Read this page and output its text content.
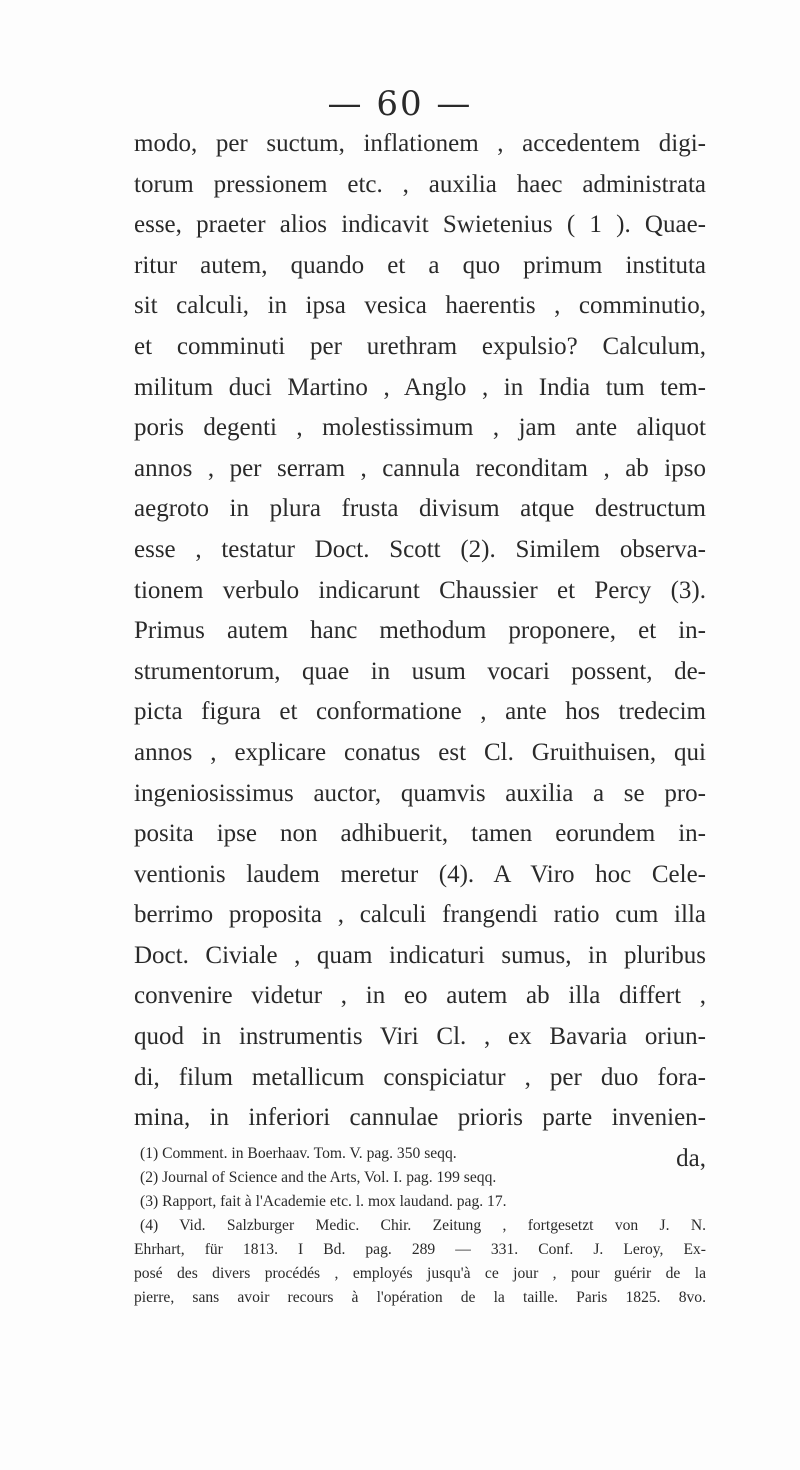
— 60 —
modo, per suctum, inflationem , accedentem digi-
torum pressionem etc. , auxilia haec administrata
esse, praeter alios indicavit Swietenius ( 1 ). Quae-
ritur autem, quando et a quo primum instituta
sit calculi, in ipsa vesica haerentis , comminutio,
et comminuti per urethram expulsio? Calculum,
militum duci Martino , Anglo , in India tum tem-
poris degenti , molestissimum , jam ante aliquot
annos , per serram , cannula reconditam , ab ipso
aegroto in plura frusta divisum atque destructum
esse , testatur Doct. Scott (2). Similem observa-
tionem verbulo indicarunt Chaussier et Percy (3).
Primus autem hanc methodum proponere, et in-
strumentorum, quae in usum vocari possent, de-
picta figura et conformatione , ante hos tredecim
annos , explicare conatus est Cl. Gruithuisen, qui
ingeniosissimus auctor, quamvis auxilia a se pro-
posita ipse non adhibuerit, tamen eorundem in-
ventionis laudem meretur (4). A Viro hoc Cele-
berrimo proposita , calculi frangendi ratio cum illa
Doct. Civiale , quam indicaturi sumus, in pluribus
convenire videtur , in eo autem ab illa differt ,
quod in instrumentis Viri Cl. , ex Bavaria oriun-
di, filum metallicum conspiciatur , per duo fora-
mina, in inferiori cannulae prioris parte invenien-
da,
(1) Comment. in Boerhaav. Tom. V. pag. 350 seqq.
(2) Journal of Science and the Arts, Vol. I. pag. 199 seqq.
(3) Rapport, fait à l'Academie etc. l. mox laudand. pag. 17.
(4) Vid. Salzburger Medic. Chir. Zeitung , fortgesetzt von J. N.
Ehrhart, für 1813. I Bd. pag. 289 — 331. Conf. J. Leroy, Ex-
posé des divers procédés , employés jusqu'à ce jour , pour guérir de la
pierre, sans avoir recours à l'opération de la taille. Paris 1825. 8vo.
